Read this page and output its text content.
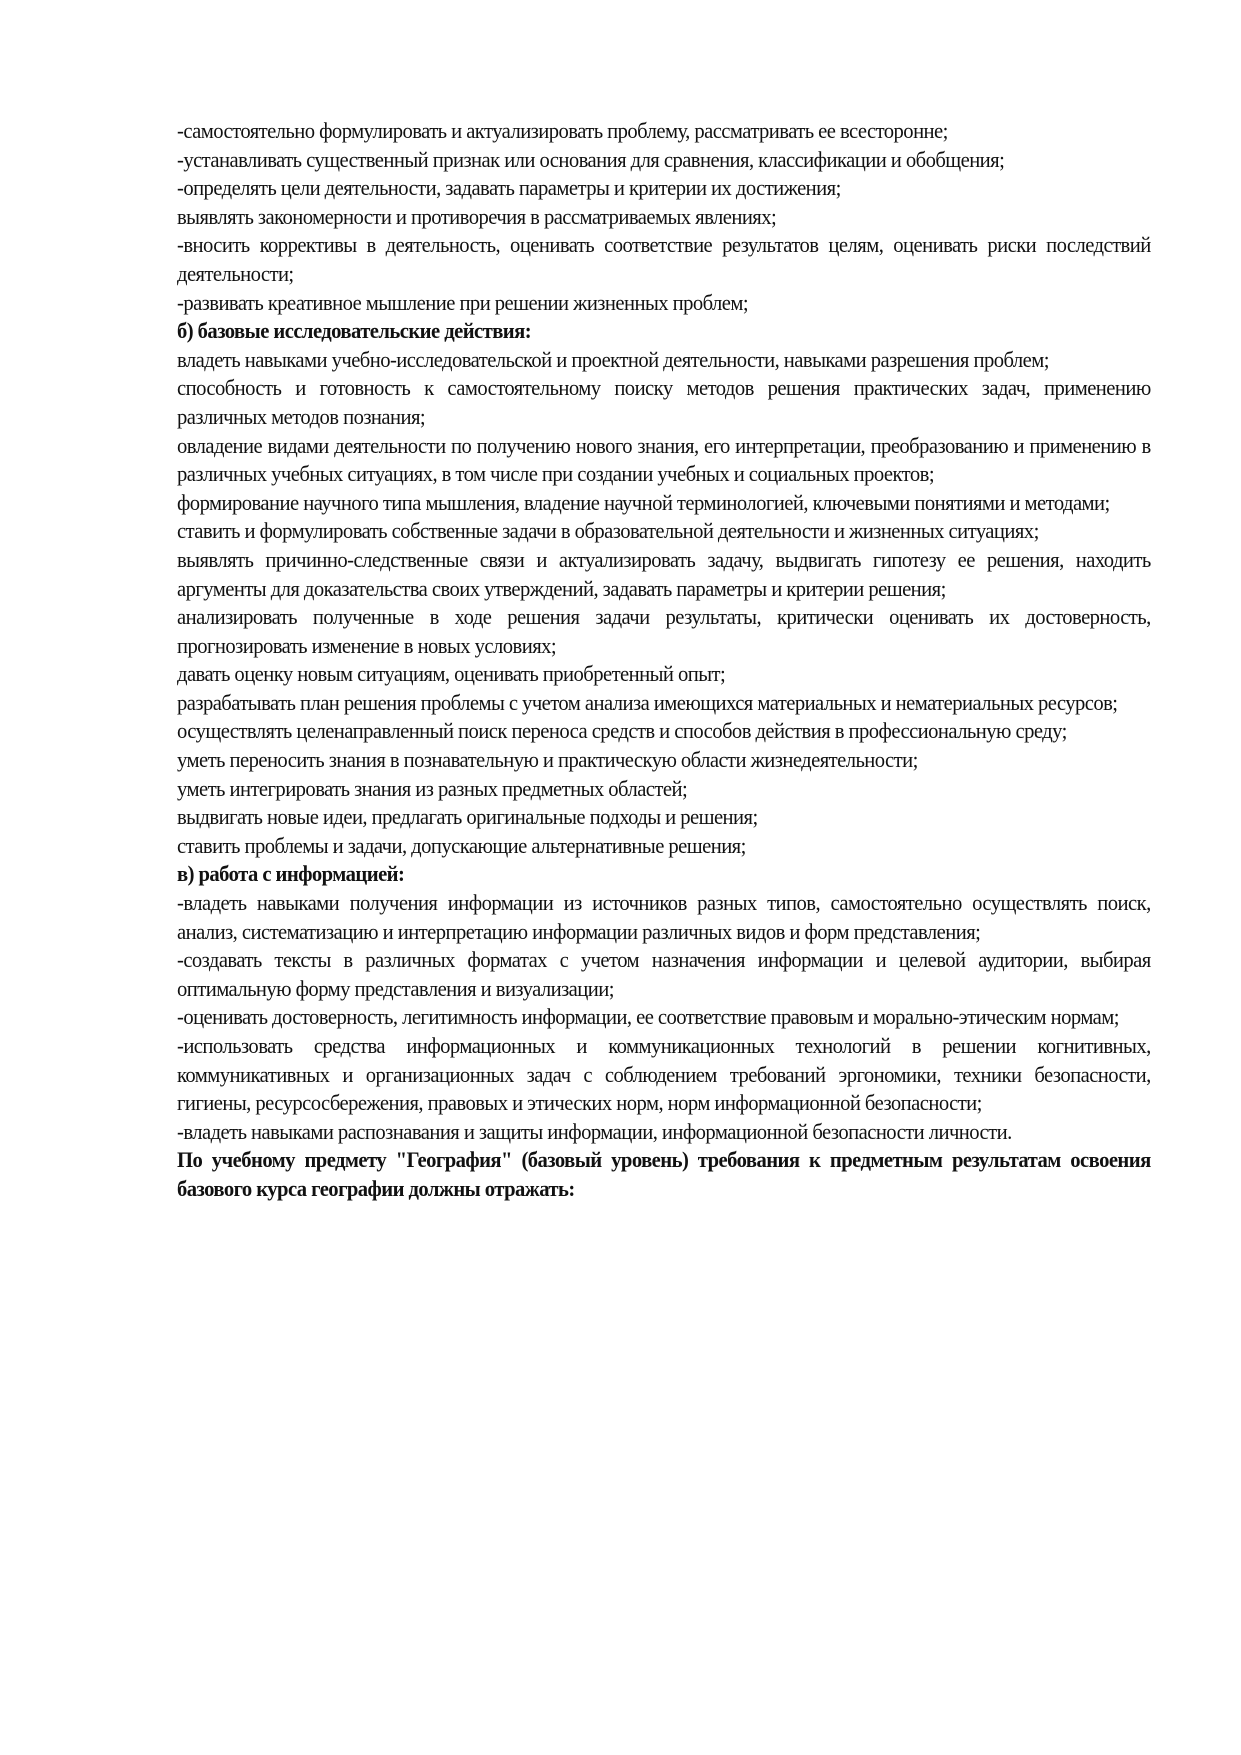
-самостоятельно формулировать и актуализировать проблему, рассматривать ее всесторонне;

-устанавливать существенный признак или основания для сравнения, классификации и обобщения;

-определять цели деятельности, задавать параметры и критерии их достижения;

выявлять закономерности и противоречия в рассматриваемых явлениях;

-вносить коррективы в деятельность, оценивать соответствие результатов целям, оценивать риски последствий деятельности;

-развивать креативное мышление при решении жизненных проблем;

б) базовые исследовательские действия:

владеть навыками учебно-исследовательской и проектной деятельности, навыками разрешения проблем;

способность и готовность к самостоятельному поиску методов решения практических задач, применению различных методов познания;

овладение видами деятельности по получению нового знания, его интерпретации, преобразованию и применению в различных учебных ситуациях, в том числе при создании учебных и социальных проектов;

формирование научного типа мышления, владение научной терминологией, ключевыми понятиями и методами;

ставить и формулировать собственные задачи в образовательной деятельности и жизненных ситуациях;

выявлять причинно-следственные связи и актуализировать задачу, выдвигать гипотезу ее решения, находить аргументы для доказательства своих утверждений, задавать параметры и критерии решения;

анализировать полученные в ходе решения задачи результаты, критически оценивать их достоверность, прогнозировать изменение в новых условиях;

давать оценку новым ситуациям, оценивать приобретенный опыт;

разрабатывать план решения проблемы с учетом анализа имеющихся материальных и нематериальных ресурсов;

осуществлять целенаправленный поиск переноса средств и способов действия в профессиональную среду;

уметь переносить знания в познавательную и практическую области жизнедеятельности;

уметь интегрировать знания из разных предметных областей;

выдвигать новые идеи, предлагать оригинальные подходы и решения;

ставить проблемы и задачи, допускающие альтернативные решения;

в) работа с информацией:

-владеть навыками получения информации из источников разных типов, самостоятельно осуществлять поиск, анализ, систематизацию и интерпретацию информации различных видов и форм представления;

-создавать тексты в различных форматах с учетом назначения информации и целевой аудитории, выбирая оптимальную форму представления и визуализации;

-оценивать достоверность, легитимность информации, ее соответствие правовым и морально-этическим нормам;

-использовать средства информационных и коммуникационных технологий в решении когнитивных, коммуникативных и организационных задач с соблюдением требований эргономики, техники безопасности, гигиены, ресурсосбережения, правовых и этических норм, норм информационной безопасности;

-владеть навыками распознавания и защиты информации, информационной безопасности личности.

По учебному предмету "География" (базовый уровень) требования к предметным результатам освоения базового курса географии должны отражать:
